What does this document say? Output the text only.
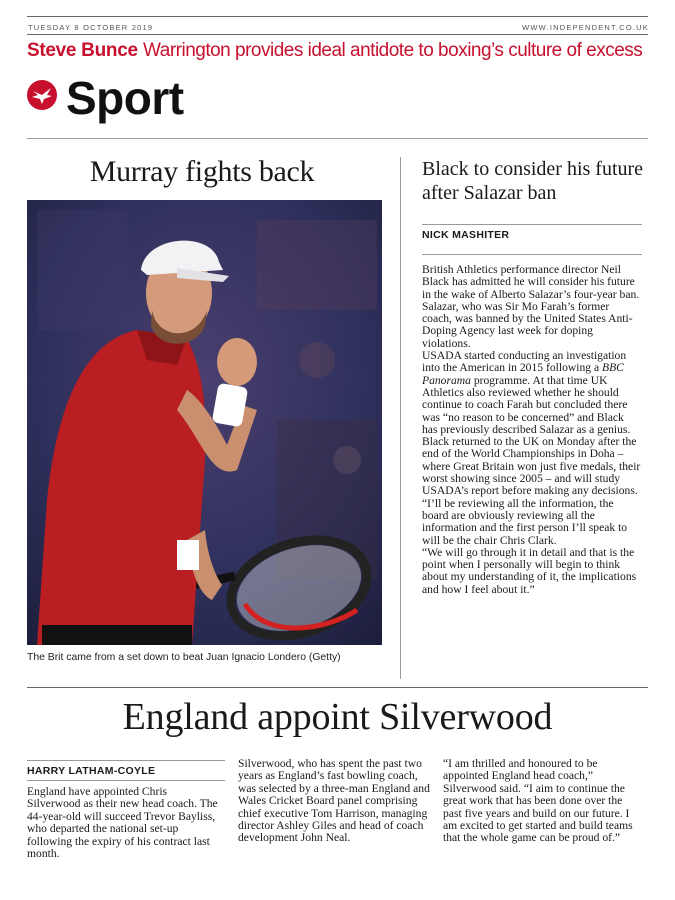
TUESDAY 8 OCTOBER 2019	WWW.INDEPENDENT.CO.UK
Steve Bunce Warrington provides ideal antidote to boxing’s culture of excess
Sport
Murray fights back
The Brit came from a set down to beat Juan Ignacio Londero (Getty)
Black to consider his future after Salazar ban
NICK MASHITER

British Athletics performance director Neil Black has admitted he will consider his future in the wake of Alberto Salazar’s four-year ban. Salazar, who was Sir Mo Farah’s former coach, was banned by the United States Anti-Doping Agency last week for doping violations.

USADA started conducting an investigation into the American in 2015 following a BBC Panorama programme. At that time UK Athletics also reviewed whether he should continue to coach Farah but concluded there was “no reason to be concerned” and Black has previously described Salazar as a genius.

Black returned to the UK on Monday after the end of the World Championships in Doha – where Great Britain won just five medals, their worst showing since 2005 – and will study USADA’s report before making any decisions.

“I’ll be reviewing all the information, the board are obviously reviewing all the information and the first person I’ll speak to will be the chair Chris Clark.

“We will go through it in detail and that is the point when I personally will begin to think about my understanding of it, the implications and how I feel about it.”

England appoint Silverwood
HARRY LATHAM-COYLE
England have appointed Chris Silverwood as their new head coach. The 44-year-old will succeed Trevor Bayliss, who departed the national set-up following the expiry of his contract last month.
Silverwood, who has spent the past two years as England’s fast bowling coach, was selected by a three-man England and Wales Cricket Board panel comprising chief executive Tom Harrison, managing director Ashley Giles and head of coach development John Neal.
“I am thrilled and honoured to be appointed England head coach,” Silverwood said. “I aim to continue the great work that has been done over the past five years and build on our future. I am excited to get started and build teams that the whole game can be proud of.”
